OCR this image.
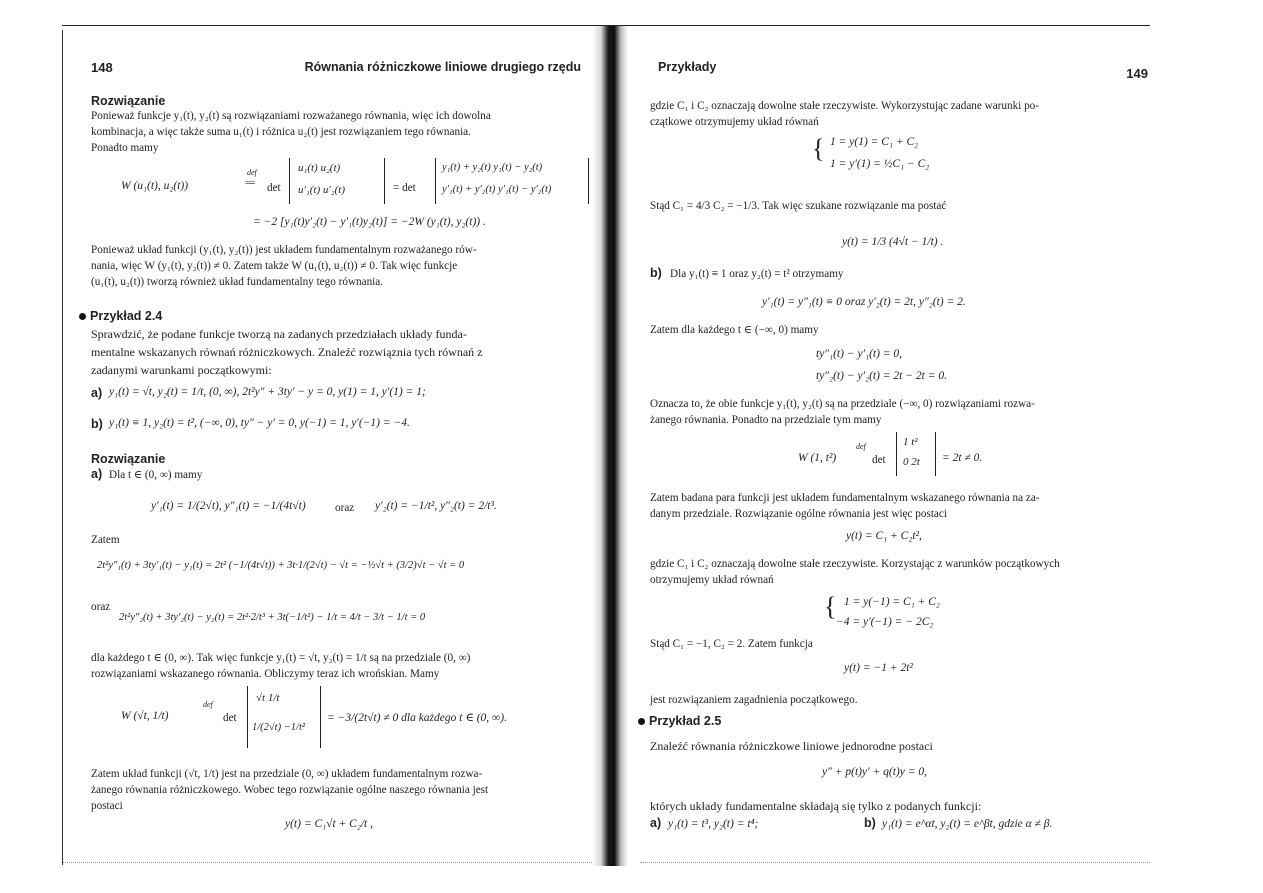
148	Równania różniczkowe liniowe drugiego rzędu
Rozwiązanie
Ponieważ funkcje y₁(t), y₂(t) są rozwiązaniami rozważanego równania, więc ich dowolna
kombinacja, a więc także suma u₁(t) i różnica u₂(t) jest rozwiązaniem tego równania.
Ponadto mamy
W (u₁(t), u₂(t))
def
== det
u₁(t) u₂(t)
u′₁(t) u′₂(t)	= det
y₁(t) + y₂(t) y₁(t) − y₂(t)
y′₁(t) + y′₂(t) y′₁(t) − y′₂(t)
= −2 [y₁(t)y′₂(t) − y′₁(t)y₂(t)] = −2W (y₁(t), y₂(t)) .
Ponieważ układ funkcji (y₁(t), y₂(t)) jest układem fundamentalnym rozważanego rów-
nania, więc W (y₁(t), y₂(t)) ≠ 0. Zatem także W (u₁(t), u₂(t)) ≠ 0. Tak więc funkcje
(u₁(t), u₂(t)) tworzą również układ fundamentalny tego równania.
Przykład 2.4
Sprawdzić, że podane funkcje tworzą na zadanych przedziałach układy funda-
mentalne wskazanych równań różniczkowych. Znaleźć rozwiąznia tych równań z
zadanymi warunkami początkowymi:
a) y₁(t) = √t, y₂(t) = 1/t, (0, ∞), 2t²y″ + 3ty′ − y = 0, y(1) = 1, y′(1) = 1;
b) y₁(t) ≡ 1, y₂(t) = t², (−∞, 0), ty″ − y′ = 0, y(−1) = 1, y′(−1) = −4.
Rozwiązanie
a) Dla t ∈ (0, ∞) mamy
y′₁(t) = 1/(2√t), y″₁(t) = −1/(4t√t)	oraz y′₂(t) = −1/t², y″₂(t) = 2/t³.
Zatem
2t²y″₁(t) + 3ty′₁(t) − y₁(t) = 2t² (−1/(4t√t)) + 3t·1/(2√t) − √t = −½√t + (3/2)√t − √t = 0
oraz
2t²y″₂(t) + 3ty′₂(t) − y₂(t) = 2t²·2/t³ + 3t(−1/t²) − 1/t = 4/t − 3/t − 1/t = 0
dla każdego t ∈ (0, ∞). Tak więc funkcje y₁(t) = √t, y₂(t) = 1/t są na przedziale (0, ∞)
rozwiązaniami wskazanego równania. Obliczymy teraz ich wrońskian. Mamy
W (√t, 1/t)
def
det
√t 1/t
1/(2√t) −1/t²
= −3/(2t√t) ≠ 0 dla każdego t ∈ (0, ∞).
Zatem układ funkcji (√t, 1/t) jest na przedziale (0, ∞) układem fundamentalnym rozwa-
żanego równania różniczkowego. Wobec tego rozwiązanie ogólne naszego równania jest
postaci
y(t) = C₁√t + C₂/t ,
Przykłady	149
gdzie C₁ i C₂ oznaczają dowolne stałe rzeczywiste. Wykorzystując zadane warunki po-
czątkowe otrzymujemy układ równań
{ 1 = y(1) = C₁ + C₂
1 = y′(1) = ½C₁ − C₂
Stąd C₁ = 4/3 C₂ = −1/3. Tak więc szukane rozwiązanie ma postać
y(t) = 1/3 (4√t − 1/t) .
b) Dla y₁(t) ≡ 1 oraz y₂(t) = t² otrzymamy
y′₁(t) = y″₁(t) ≡ 0 oraz y′₂(t) = 2t, y″₂(t) = 2.
Zatem dla każdego t ∈ (−∞, 0) mamy
ty″₁(t) − y′₁(t) = 0,
ty″₂(t) − y′₂(t) = 2t − 2t = 0.
Oznacza to, że obie funkcje y₁(t), y₂(t) są na przedziale (−∞, 0) rozwiązaniami rozwa-
żanego równania. Ponadto na przedziale tym mamy
W (1, t²)
def
det
1 t²
0 2t = 2t ≠ 0.
Zatem badana para funkcji jest układem fundamentalnym wskazanego równania na za-
danym przedziale. Rozwiązanie ogólne równania jest więc postaci
y(t) = C₁ + C₂t²,
gdzie C₁ i C₂ oznaczają dowolne stałe rzeczywiste. Korzystając z warunków początkowych
otrzymujemy układ równań
{ 1 = y(−1) = C₁ + C₂
−4 = y′(−1) = − 2C₂
Stąd C₁ = −1, C₂ = 2. Zatem funkcja
y(t) = −1 + 2t²
jest rozwiązaniem zagadnienia początkowego.
Przykład 2.5
Znaleźć równania różniczkowe liniowe jednorodne postaci
y″ + p(t)y′ + q(t)y = 0,
których układy fundamentalne składają się tylko z podanych funkcji:
a) y₁(t) = t³, y₂(t) = t⁴;	b) y₁(t) = e^αt, y₂(t) = e^βt, gdzie α ≠ β.
